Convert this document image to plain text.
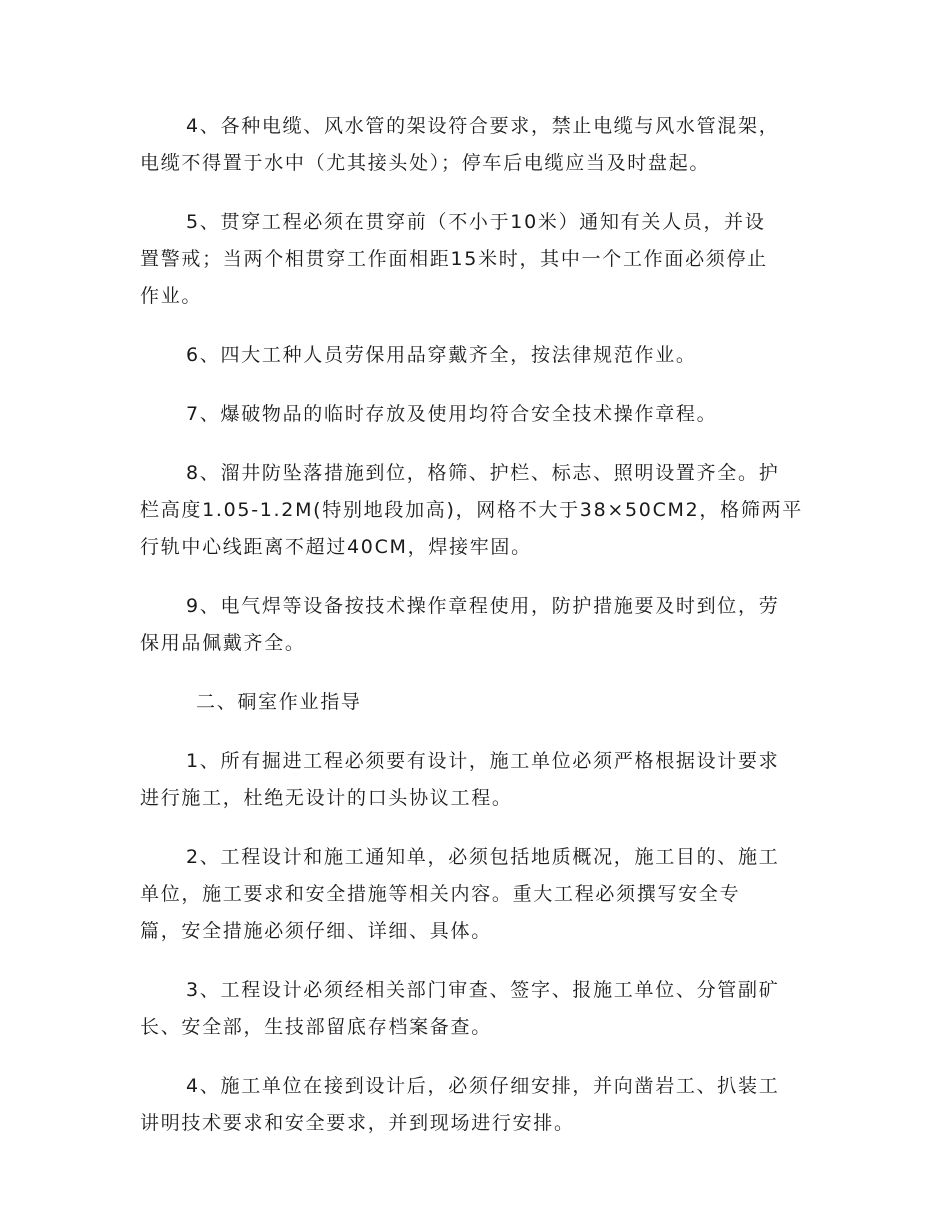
4、各种电缆、风水管的架设符合要求，禁止电缆与风水管混架，
电缆不得置于水中（尤其接头处）；停车后电缆应当及时盘起。

5、贯穿工程必须在贯穿前（不小于10米）通知有关人员，并设
置警戒；当两个相贯穿工作面相距15米时，其中一个工作面必须停止
作业。

6、四大工种人员劳保用品穿戴齐全，按法律规范作业。

7、爆破物品的临时存放及使用均符合安全技术操作章程。

8、溜井防坠落措施到位，格筛、护栏、标志、照明设置齐全。护
栏高度1.05-1.2M(特别地段加高)，网格不大于38×50CM2，格筛两平
行轨中心线距离不超过40CM，焊接牢固。

9、电气焊等设备按技术操作章程使用，防护措施要及时到位，劳
保用品佩戴齐全。

二、硐室作业指导

1、所有掘进工程必须要有设计，施工单位必须严格根据设计要求
进行施工，杜绝无设计的口头协议工程。

2、工程设计和施工通知单，必须包括地质概况，施工目的、施工
单位，施工要求和安全措施等相关内容。重大工程必须撰写安全专
篇，安全措施必须仔细、详细、具体。

3、工程设计必须经相关部门审查、签字、报施工单位、分管副矿
长、安全部，生技部留底存档案备查。

4、施工单位在接到设计后，必须仔细安排，并向凿岩工、扒装工
讲明技术要求和安全要求，并到现场进行安排。
